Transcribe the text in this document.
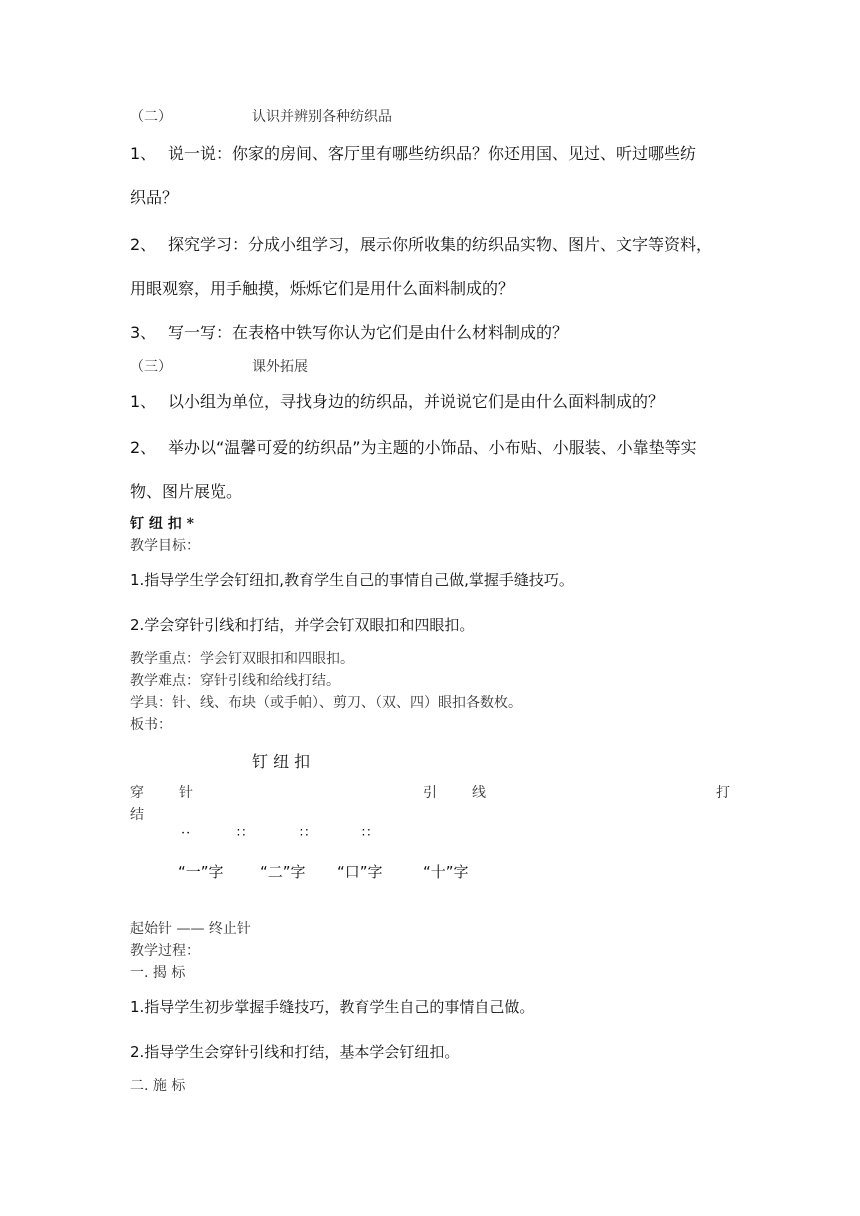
（二）	认识并辨别各种纺织品
1、 说一说：你家的房间、客厅里有哪些纺织品？你还用国、见过、听过哪些纺
织品？
2、 探究学习：分成小组学习，展示你所收集的纺织品实物、图片、文字等资料，
用眼观察，用手触摸，烁烁它们是用什么面料制成的？
3、 写一写：在表格中铁写你认为它们是由什么材料制成的？
（三）	课外拓展
1、 以小组为单位，寻找身边的纺织品，并说说它们是由什么面料制成的？
2、 举办以“温馨可爱的纺织品”为主题的小饰品、小布贴、小服装、小靠垫等实
物、图片展览。
钉 纽 扣 *
教学目标：
1.指导学生学会钉纽扣,教育学生自己的事情自己做,掌握手缝技巧。
2.学会穿针引线和打结，并学会钉双眼扣和四眼扣。
教学重点：学会钉双眼扣和四眼扣。
教学难点：穿针引线和给线打结。
学具：针、线、布块（或手帕）、剪刀、（双、四）眼扣各数枚。
板书：
钉 纽 扣
穿	针	引	线	打
结
··	∷	∷	∷
“一”字 “二”字 “口”字	“十”字
起始针 —— 终止针
教学过程：
一. 揭 标
1.指导学生初步掌握手缝技巧，教育学生自己的事情自己做。
2.指导学生会穿针引线和打结，基本学会钉纽扣。
二. 施 标
